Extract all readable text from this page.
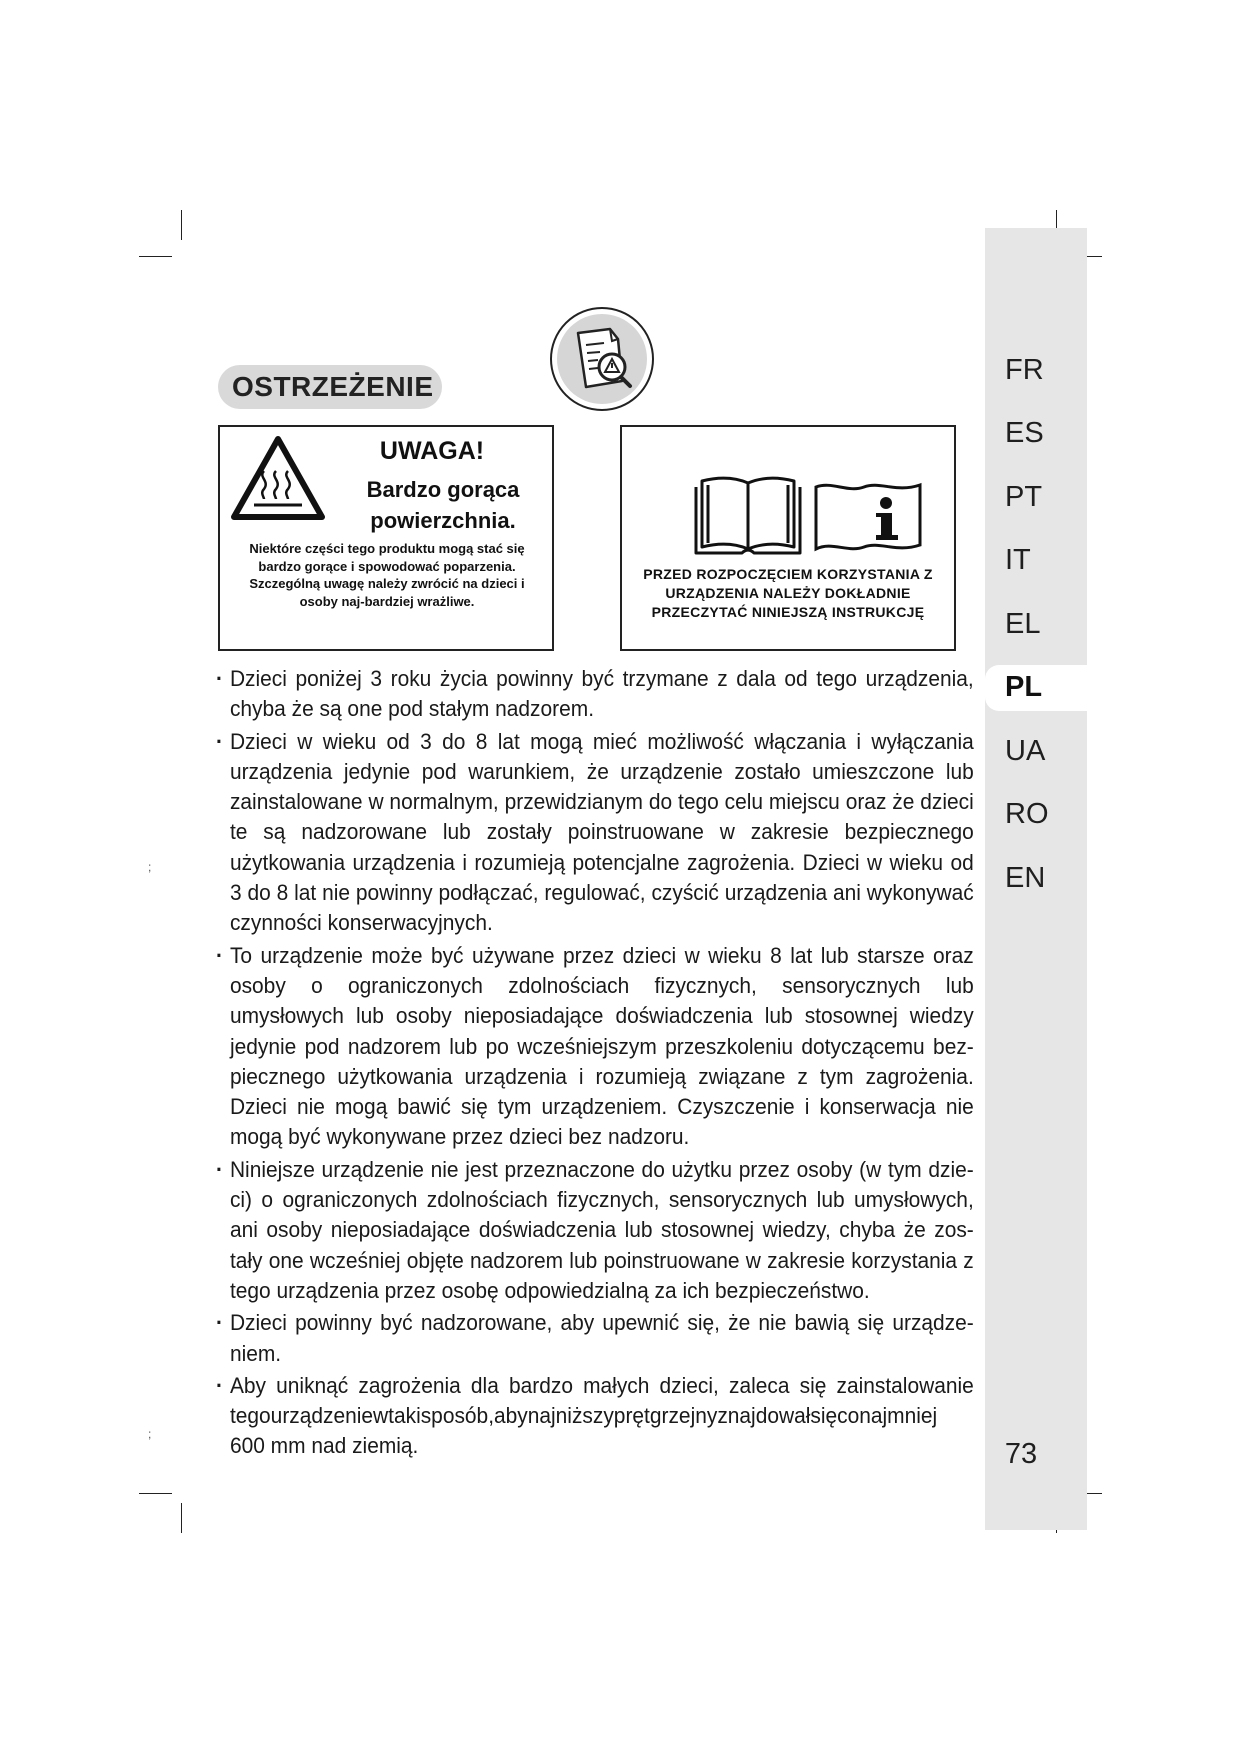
FR
ES
PT
IT
EL
PL
UA
RO
EN
73
;
;
OSTRZEŻENIE
UWAGA!
Bardzo gorąca powierzchnia.
Niektóre części tego produktu mogą stać się bardzo gorące i spowodować poparzenia. Szczególną uwagę należy zwrócić na dzieci i osoby naj-bardziej wrażliwe.
PRZED ROZPOCZĘCIEM KORZYSTANIA Z URZĄDZENIA NALEŻY DOKŁADNIE PRZECZYTAĆ NINIEJSZĄ INSTRUKCJĘ
· Dzieci poniżej 3 roku życia powinny być trzymane z dala od tego urządzenia, chyba że są one pod stałym nadzorem.
· Dzieci w wieku od 3 do 8 lat mogą mieć możliwość włączania i wyłączania urządzenia jedynie pod warunkiem, że urządzenie zostało umieszczone lub zainstalowane w normalnym, przewidzianym do tego celu miejscu oraz że dzieci te są nadzorowane lub zostały poinstruowane w zakresie bezpiecznego użytkowania urządzenia i rozumieją potencjalne zagrożenia. Dzieci w wieku od 3 do 8 lat nie powinny podłączać, regulować, czyścić urządzenia ani wykonywać czynności konserwacyjnych.
· To urządzenie może być używane przez dzieci w wieku 8 lat lub starsze oraz osoby o ograniczonych zdolnościach fizycznych, sensorycznych lub umysłowych lub osoby nieposiadające doświadczenia lub stosownej wiedzy jedynie pod nadzorem lub po wcześniejszym przeszkoleniu dotyczącemu bez-piecznego użytkowania urządzenia i rozumieją związane z tym zagrożenia. Dzieci nie mogą bawić się tym urządzeniem. Czyszczenie i konserwacja nie mogą być wykonywane przez dzieci bez nadzoru.
· Niniejsze urządzenie nie jest przeznaczone do użytku przez osoby (w tym dzie-ci) o ograniczonych zdolnościach fizycznych, sensorycznych lub umysłowych, ani osoby nieposiadające doświadczenia lub stosownej wiedzy, chyba że zos-tały one wcześniej objęte nadzorem lub poinstruowane w zakresie korzystania z tego urządzenia przez osobę odpowiedzialną za ich bezpieczeństwo.
· Dzieci powinny być nadzorowane, aby upewnić się, że nie bawią się urządze-niem.
· Aby uniknąć zagrożenia dla bardzo małych dzieci, zaleca się zainstalowanie tegourządzeniewtakisposób,abynajniższyprętgrzejnyznajdowałsięconajmniej 600 mm nad ziemią.
